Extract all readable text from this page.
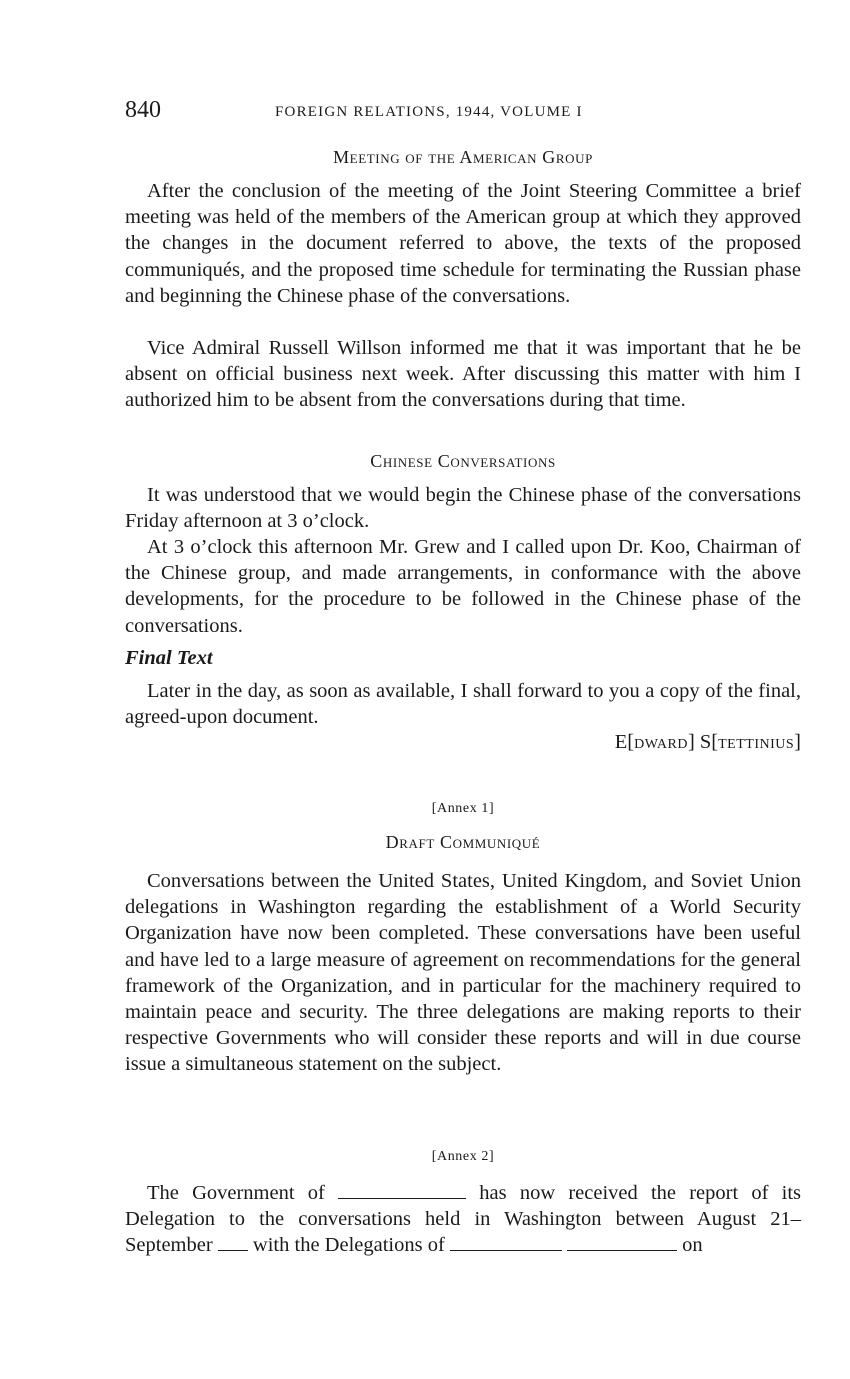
840	FOREIGN RELATIONS, 1944, VOLUME I
Meeting of the American Group

After the conclusion of the meeting of the Joint Steering Committee a brief meeting was held of the members of the American group at which they approved the changes in the document referred to above, the texts of the proposed communiqués, and the proposed time schedule for terminating the Russian phase and beginning the Chinese phase of the conversations.

Vice Admiral Russell Willson informed me that it was important that he be absent on official business next week. After discussing this matter with him I authorized him to be absent from the conversations during that time.

Chinese Conversations

It was understood that we would begin the Chinese phase of the conversations Friday afternoon at 3 o’clock.

At 3 o’clock this afternoon Mr. Grew and I called upon Dr. Koo, Chairman of the Chinese group, and made arrangements, in conformance with the above developments, for the procedure to be followed in the Chinese phase of the conversations.

Final Text

Later in the day, as soon as available, I shall forward to you a copy of the final, agreed-upon document.

E[dward] S[tettinius]
[Annex 1]
Draft Communiqué

Conversations between the United States, United Kingdom, and Soviet Union delegations in Washington regarding the establishment of a World Security Organization have now been completed. These conversations have been useful and have led to a large measure of agreement on recommendations for the general framework of the Organization, and in particular for the machinery required to maintain peace and security. The three delegations are making reports to their respective Governments who will consider these reports and will in due course issue a simultaneous statement on the subject.

[Annex 2]

The Government of	has now received the report of its Delegation to the conversations held in Washington between August 21–September with the Delegations of	on
